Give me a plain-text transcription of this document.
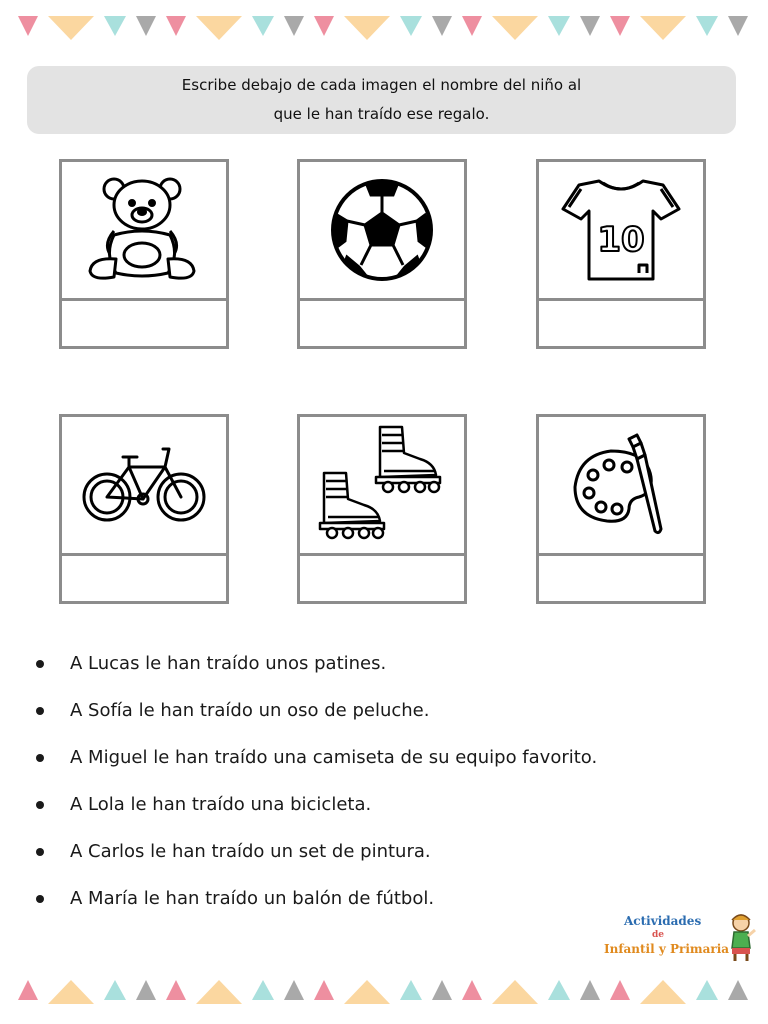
Escribe debajo de cada imagen el nombre del niño al
que le han traído ese regalo.
10
A Lucas le han traído unos patines.
A Sofía le han traído un oso de peluche.
A Miguel le han traído una camiseta de su equipo favorito.
A Lola le han traído una bicicleta.
A Carlos le han traído un set de pintura.
A María le han traído un balón de fútbol.
Actividades
de
Infantil y Primaria
